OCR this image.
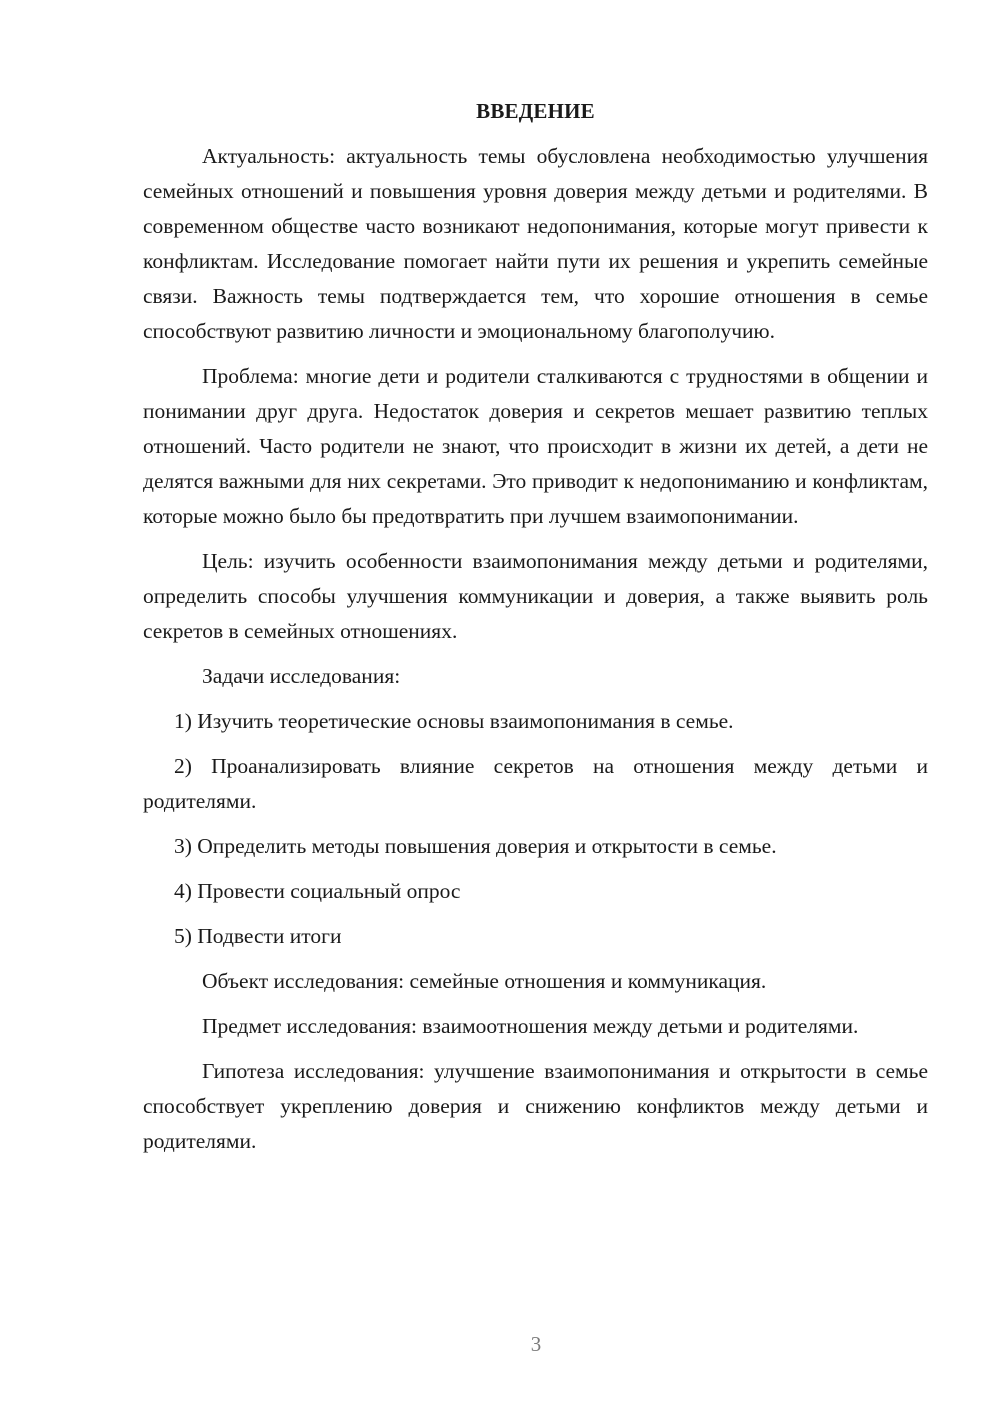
ВВЕДЕНИЕ

Актуальность: актуальность темы обусловлена необходимостью улучшения семейных отношений и повышения уровня доверия между детьми и родителями. В современном обществе часто возникают недопонимания, которые могут привести к конфликтам. Исследование помогает найти пути их решения и укрепить семейные связи. Важность темы подтверждается тем, что хорошие отношения в семье способствуют развитию личности и эмоциональному благополучию.

Проблема: многие дети и родители сталкиваются с трудностями в общении и понимании друг друга. Недостаток доверия и секретов мешает развитию теплых отношений. Часто родители не знают, что происходит в жизни их детей, а дети не делятся важными для них секретами. Это приводит к недопониманию и конфликтам, которые можно было бы предотвратить при лучшем взаимопонимании.

Цель: изучить особенности взаимопонимания между детьми и родителями, определить способы улучшения коммуникации и доверия, а также выявить роль секретов в семейных отношениях.

Задачи исследования:

1) Изучить теоретические основы взаимопонимания в семье.

2) Проанализировать влияние секретов на отношения между детьми и родителями.

3) Определить методы повышения доверия и открытости в семье.

4) Провести социальный опрос

5) Подвести итоги

Объект исследования: семейные отношения и коммуникация.

Предмет исследования: взаимоотношения между детьми и родителями.

Гипотеза исследования: улучшение взаимопонимания и открытости в семье способствует укреплению доверия и снижению конфликтов между детьми и родителями.

3
